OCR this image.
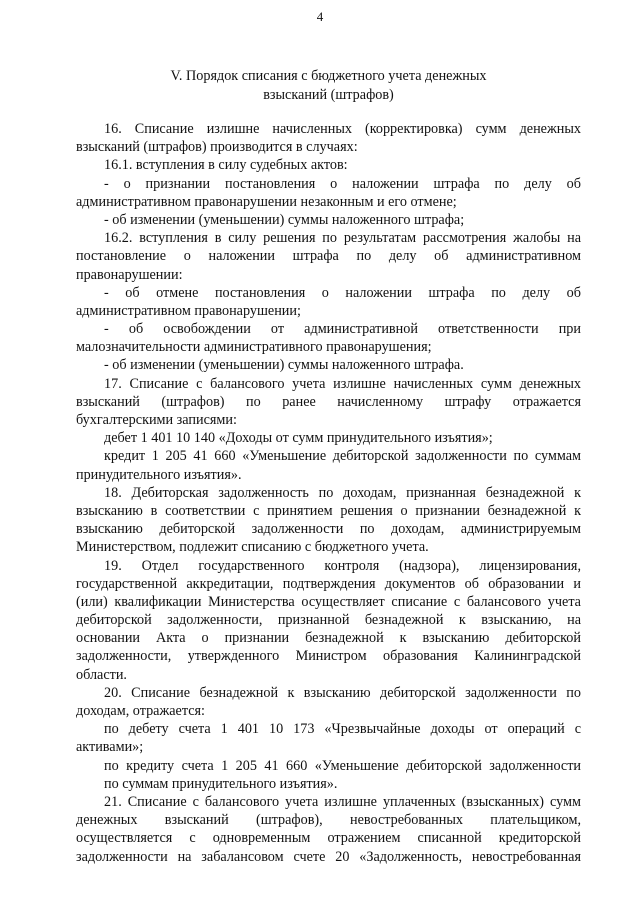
4
V. Порядок списания с бюджетного учета денежных
взысканий (штрафов)
16. Списание излишне начисленных (корректировка) сумм денежных
взысканий (штрафов) производится в случаях:
16.1. вступления в силу судебных актов:
- о признании постановления о наложении штрафа по делу об
административном правонарушении незаконным и его отмене;
- об изменении (уменьшении) суммы наложенного штрафа;
16.2. вступления в силу решения по результатам рассмотрения жалобы на
постановление о наложении штрафа по делу об административном
правонарушении:
- об отмене постановления о наложении штрафа по делу об
административном правонарушении;
- об освобождении от административной ответственности при
малозначительности административного правонарушения;
- об изменении (уменьшении) суммы наложенного штрафа.
17. Списание с балансового учета излишне начисленных сумм денежных
взысканий (штрафов) по ранее начисленному штрафу отражается
бухгалтерскими записями:
дебет 1 401 10 140 «Доходы от сумм принудительного изъятия»;
кредит 1 205 41 660 «Уменьшение дебиторской задолженности по суммам
принудительного изъятия».
18. Дебиторская задолженность по доходам, признанная безнадежной к
взысканию в соответствии с принятием решения о признании безнадежной к
взысканию дебиторской задолженности по доходам, администрируемым
Министерством, подлежит списанию с бюджетного учета.
19. Отдел государственного контроля (надзора), лицензирования,
государственной аккредитации, подтверждения документов об образовании и
(или) квалификации Министерства осуществляет списание с балансового учета
дебиторской задолженности, признанной безнадежной к взысканию, на
основании Акта о признании безнадежной к взысканию дебиторской
задолженности, утвержденного Министром образования Калининградской
области.
20. Списание безнадежной к взысканию дебиторской задолженности по
доходам, отражается:
по дебету счета 1 401 10 173 «Чрезвычайные доходы от операций с
активами»;
по кредиту счета 1 205 41 660 «Уменьшение дебиторской задолженности
по суммам принудительного изъятия».
21. Списание с балансового учета излишне уплаченных (взысканных) сумм
денежных взысканий (штрафов), невостребованных плательщиком,
осуществляется с одновременным отражением списанной кредиторской
задолженности на забалансовом счете 20 «Задолженность, невостребованная
